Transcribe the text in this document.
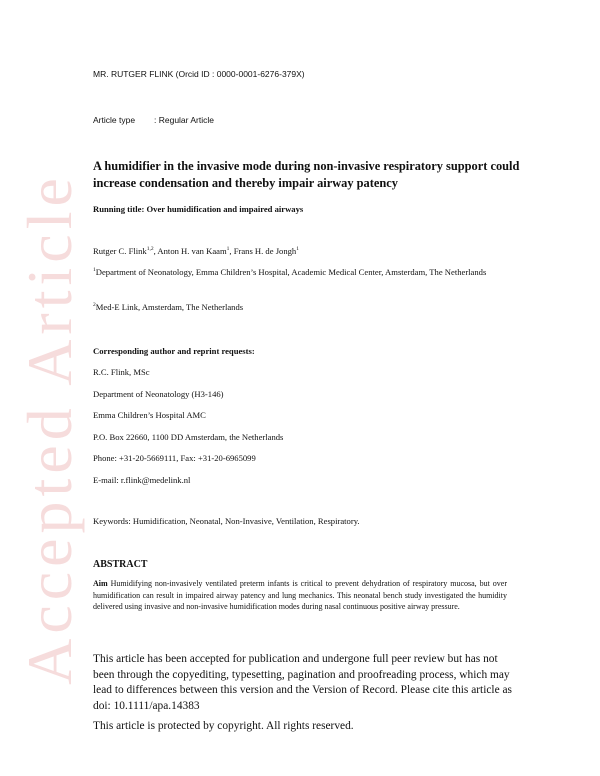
Accepted Article
MR. RUTGER FLINK (Orcid ID : 0000-0001-6276-379X)
Article type : Regular Article
A humidifier in the invasive mode during non-invasive respiratory support could increase condensation and thereby impair airway patency
Running title: Over humidification and impaired airways
Rutger C. Flink$^{1,2}$, Anton H. van Kaam$^1$, Frans H. de Jongh$^1$
$^1$Department of Neonatology, Emma Children’s Hospital, Academic Medical Center, Amsterdam, The Netherlands
$^2$Med-E Link, Amsterdam, The Netherlands
Corresponding author and reprint requests:
R.C. Flink, MSc
Department of Neonatology (H3-146)
Emma Children’s Hospital AMC
P.O. Box 22660, 1100 DD Amsterdam, the Netherlands
Phone: +31-20-5669111, Fax: +31-20-6965099
E-mail: r.flink@medelink.nl
Keywords: Humidification, Neonatal, Non-Invasive, Ventilation, Respiratory.
ABSTRACT
Aim Humidifying non-invasively ventilated preterm infants is critical to prevent dehydration of respiratory mucosa, but over humidification can result in impaired airway patency and lung mechanics. This neonatal bench study investigated the humidity delivered using invasive and non-invasive humidification modes during nasal continuous positive airway pressure.
This article has been accepted for publication and undergone full peer review but has not been through the copyediting, typesetting, pagination and proofreading process, which may lead to differences between this version and the Version of Record. Please cite this article as doi: 10.1111/apa.14383
This article is protected by copyright. All rights reserved.
